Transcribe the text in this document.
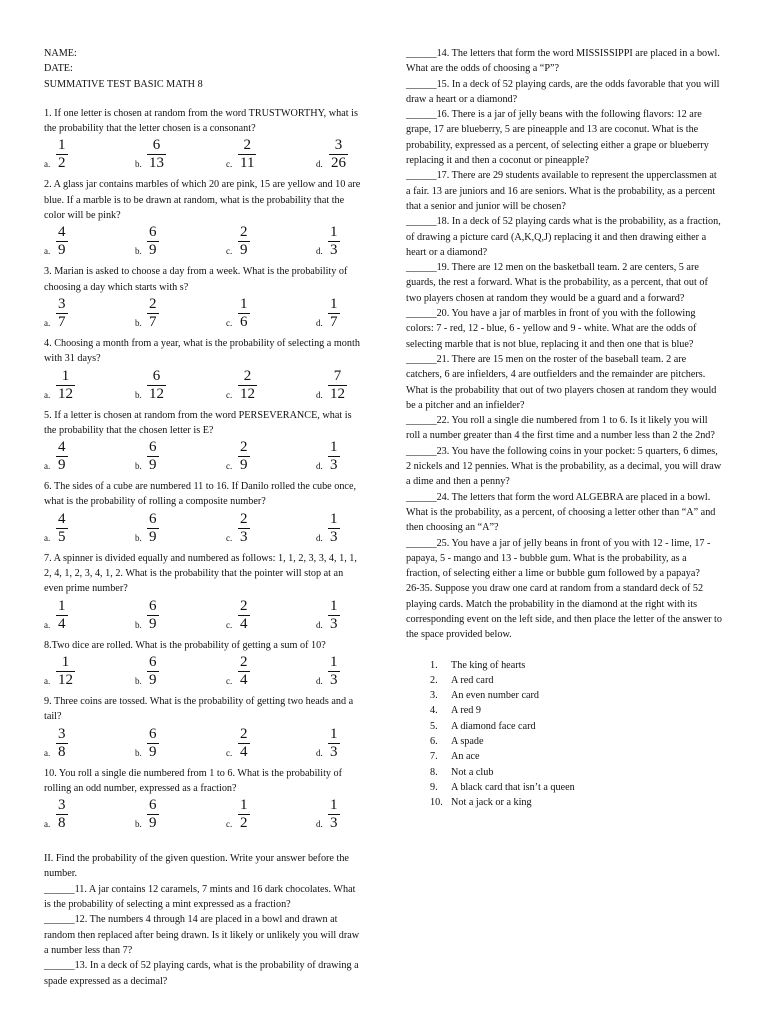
NAME:

DATE:

SUMMATIVE TEST BASIC MATH 8

1. If one letter is chosen at random from the word TRUSTWORTHY, what is the probability that the letter chosen is a consonant?

a. $\frac{1}{2}$	b. $\frac{6}{13}$	c. $\frac{2}{11}$	d. $\frac{3}{26}$

2. A glass jar contains marbles of which 20 are pink, 15 are yellow and 10 are blue. If a marble is to be drawn at random, what is the probability that the color will be pink?

a. $\frac{4}{9}$	b. $\frac{6}{9}$	c. $\frac{2}{9}$	d. $\frac{1}{3}$

3. Marian is asked to choose a day from a week. What is the probability of choosing a day which starts with s?

a. $\frac{3}{7}$	b. $\frac{2}{7}$	c. $\frac{1}{6}$	d. $\frac{1}{7}$

4. Choosing a month from a year, what is the probability of selecting a month with 31 days?

a. $\frac{1}{12}$	b. $\frac{6}{12}$	c. $\frac{2}{12}$	d. $\frac{7}{12}$

5. If a letter is chosen at random from the word PERSEVERANCE, what is the probability that the chosen letter is E?

a. $\frac{4}{9}$	b. $\frac{6}{9}$	c. $\frac{2}{9}$	d. $\frac{1}{3}$

6. The sides of a cube are numbered 11 to 16. If Danilo rolled the cube once, what is the probability of rolling a composite number?

a. $\frac{4}{5}$	b. $\frac{6}{9}$	c. $\frac{2}{3}$	d. $\frac{1}{3}$

7. A spinner is divided equally and numbered as follows: 1, 1, 2, 3, 3, 4, 1, 1, 2, 4, 1, 2, 3, 4, 1, 2. What is the probability that the pointer will stop at an even prime number?

a. $\frac{1}{4}$	b. $\frac{6}{9}$	c. $\frac{2}{4}$	d. $\frac{1}{3}$

8.Two dice are rolled. What is the probability of getting a sum of 10?

a. $\frac{1}{12}$	b. $\frac{6}{9}$	c. $\frac{2}{4}$	d. $\frac{1}{3}$

9. Three coins are tossed. What is the probability of getting two heads and a tail?

a. $\frac{3}{8}$	b. $\frac{6}{9}$	c. $\frac{2}{4}$	d. $\frac{1}{3}$

10. You roll a single die numbered from 1 to 6. What is the probability of rolling an odd number, expressed as a fraction?

a. $\frac{3}{8}$	b. $\frac{6}{9}$	c. $\frac{1}{2}$	d. $\frac{1}{3}$

II. Find the probability of the given question. Write your answer before the number.

______11. A jar contains 12 caramels, 7 mints and 16 dark chocolates. What is the probability of selecting a mint expressed as a fraction?

______12. The numbers 4 through 14 are placed in a bowl and drawn at random then replaced after being drawn. Is it likely or unlikely you will draw a number less than 7?

______13. In a deck of 52 playing cards, what is the probability of drawing a spade expressed as a decimal?

______14. The letters that form the word MISSISSIPPI are placed in a bowl. What are the odds of choosing a “P”?

______15. In a deck of 52 playing cards, are the odds favorable that you will draw a heart or a diamond?

______16. There is a jar of jelly beans with the following flavors: 12 are grape, 17 are blueberry, 5 are pineapple and 13 are coconut. What is the probability, expressed as a percent, of selecting either a grape or blueberry replacing it and then a coconut or pineapple?

______17. There are 29 students available to represent the upperclassmen at a fair. 13 are juniors and 16 are seniors. What is the probability, as a percent that a senior and junior will be chosen?

______18. In a deck of 52 playing cards what is the probability, as a fraction, of drawing a picture card (A,K,Q,J) replacing it and then drawing either a heart or a diamond?

______19. There are 12 men on the basketball team. 2 are centers, 5 are guards, the rest a forward. What is the probability, as a percent, that out of two players chosen at random they would be a guard and a forward?

______20. You have a jar of marbles in front of you with the following colors: 7 - red, 12 - blue, 6 - yellow and 9 - white. What are the odds of selecting marble that is not blue, replacing it and then one that is blue?

______21. There are 15 men on the roster of the baseball team. 2 are catchers, 6 are infielders, 4 are outfielders and the remainder are pitchers. What is the probability that out of two players chosen at random they would be a pitcher and an infielder?

______22. You roll a single die numbered from 1 to 6. Is it likely you will roll a number greater than 4 the first time and a number less than 2 the 2nd?

______23. You have the following coins in your pocket: 5 quarters, 6 dimes, 2 nickels and 12 pennies. What is the probability, as a decimal, you will draw a dime and then a penny?

______24. The letters that form the word ALGEBRA are placed in a bowl. What is the probability, as a percent, of choosing a letter other than “A” and then choosing an “A”?

______25. You have a jar of jelly beans in front of you with 12 - lime, 17 - papaya, 5 - mango and 13 - bubble gum. What is the probability, as a fraction, of selecting either a lime or bubble gum followed by a papaya?

26-35. Suppose you draw one card at random from a standard deck of 52 playing cards. Match the probability in the diamond at the right with its corresponding event on the left side, and then place the letter of the answer to the space provided below.

1.	The king of hearts
2.	A red card
3.	An even number card
4.	A red 9
5.	A diamond face card
6.	A spade
7.	An ace
8.	Not a club
9.	A black card that isn’t a queen
10. Not a jack or a king
